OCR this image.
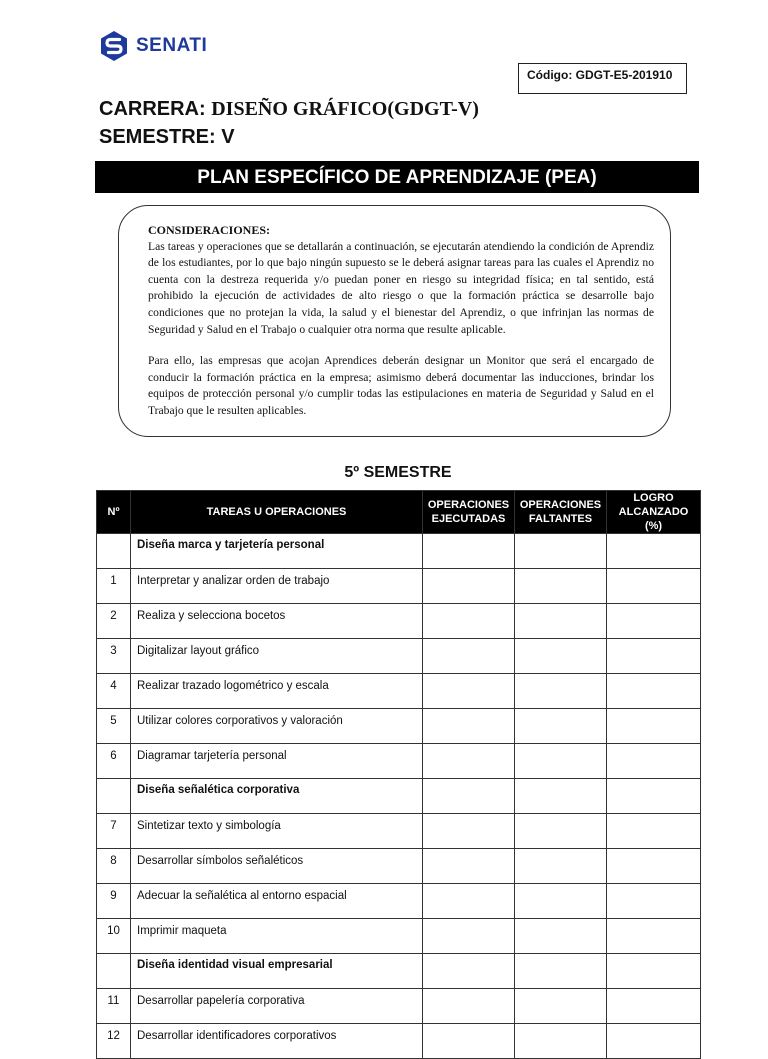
SENATI
Código: GDGT-E5-201910
CARRERA: DISEÑO GRÁFICO(GDGT-V)
SEMESTRE: V
PLAN ESPECÍFICO DE APRENDIZAJE (PEA)
CONSIDERACIONES:

Las tareas y operaciones que se detallarán a continuación, se ejecutarán atendiendo la condición de Aprendiz de los estudiantes, por lo que bajo ningún supuesto se le deberá asignar tareas para las cuales el Aprendiz no cuenta con la destreza requerida y/o puedan poner en riesgo su integridad física; en tal sentido, está prohibido la ejecución de actividades de alto riesgo o que la formación práctica se desarrolle bajo condiciones que no protejan la vida, la salud y el bienestar del Aprendiz, o que infrinjan las normas de Seguridad y Salud en el Trabajo o cualquier otra norma que resulte aplicable.

Para ello, las empresas que acojan Aprendices deberán designar un Monitor que será el encargado de conducir la formación práctica en la empresa; asimismo deberá documentar las inducciones, brindar los equipos de protección personal y/o cumplir todas las estipulaciones en materia de Seguridad y Salud en el Trabajo que le resulten aplicables.

5º SEMESTRE
Nº	TAREAS U OPERACIONES	OPERACIONES EJECUTADAS	OPERACIONES FALTANTES	LOGRO ALCANZADO (%)
	Diseña marca y tarjetería personal			
1	Interpretar y analizar orden de trabajo			
2	Realiza y selecciona bocetos			
3	Digitalizar layout gráfico			
4	Realizar trazado logométrico y escala			
5	Utilizar colores corporativos y valoración			
6	Diagramar tarjetería personal			
	Diseña señalética corporativa			
7	Sintetizar texto y simbología			
8	Desarrollar símbolos señaléticos			
9	Adecuar la señalética al entorno espacial			
10	Imprimir maqueta			
	Diseña identidad visual empresarial			
11	Desarrollar papelería corporativa			
12	Desarrollar identificadores corporativos			
